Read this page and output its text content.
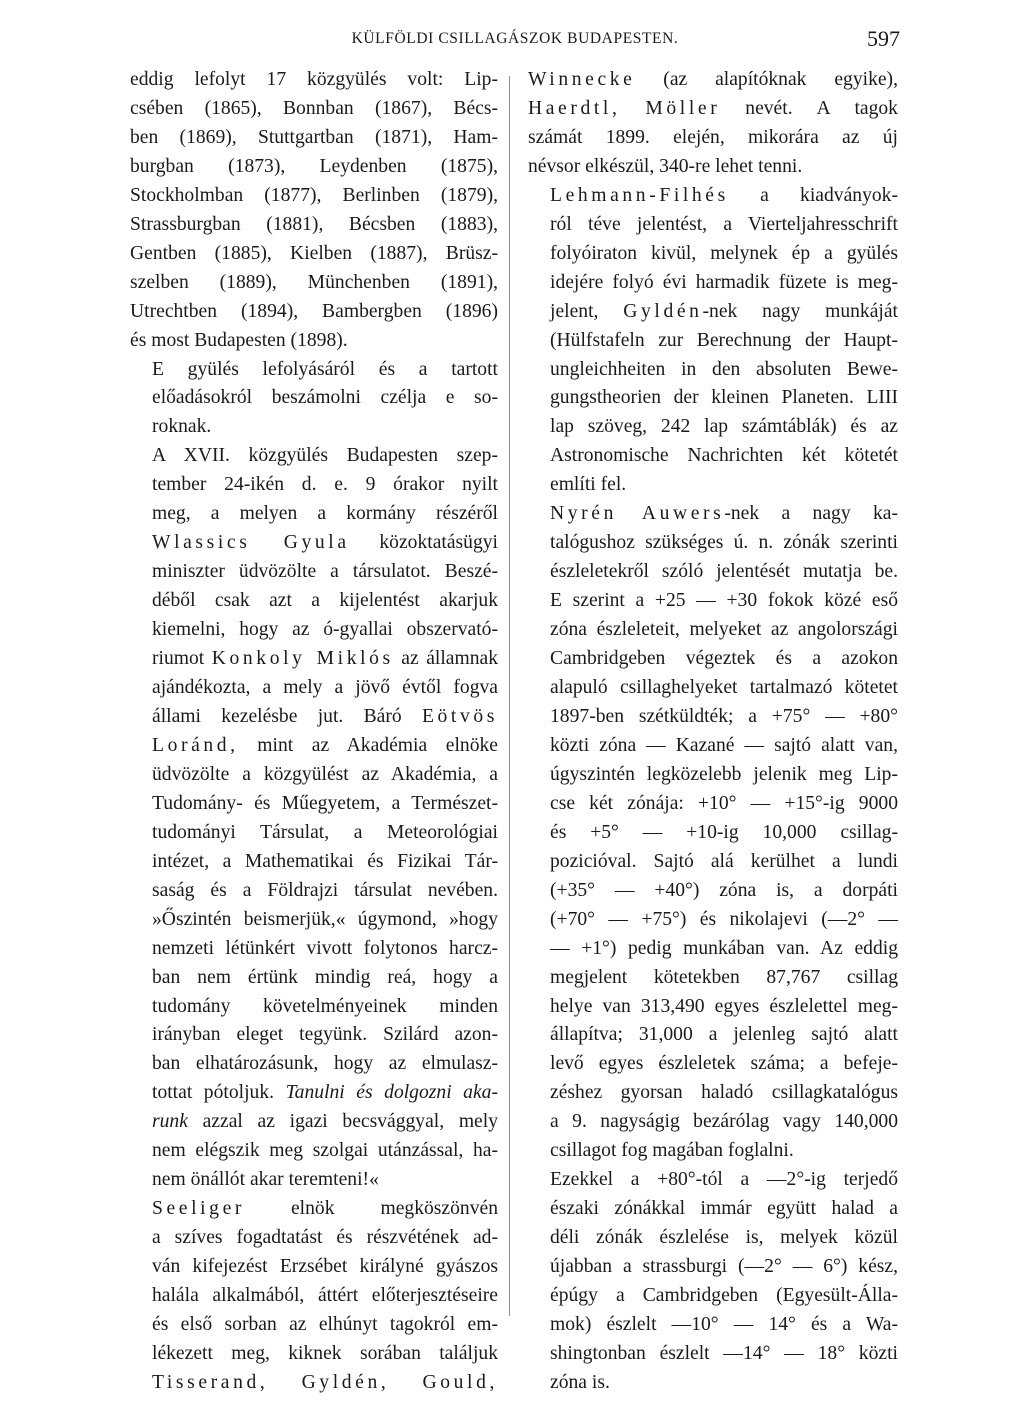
KÜLFÖLDI CSILLAGÁSZOK BUDAPESTEN.	597

eddig lefolyt 17 közgyülés volt: Lip-
csében (1865), Bonnban (1867), Bécs-
ben (1869), Stuttgartban (1871), Ham-
burgban (1873), Leydenben (1875),
Stockholmban (1877), Berlinben (1879),
Strassburgban (1881), Bécsben (1883),
Gentben (1885), Kielben (1887), Brüsz-
szelben (1889), Münchenben (1891),
Utrechtben (1894), Bambergben (1896)
és most Budapesten (1898).

E gyülés lefolyásáról és a tartott
előadásokról beszámolni czélja e so-
roknak.

A XVII. közgyülés Budapesten szep-
tember 24-ikén d. e. 9 órakor nyilt
meg, a melyen a kormány részéről
Wlassics Gyula közoktatásügyi
miniszter üdvözölte a társulatot. Beszé-
déből csak azt a kijelentést akarjuk
kiemelni, hogy az ó-gyallai obszervató-
riumot Konkoly Miklós az államnak
ajándékozta, a mely a jövő évtől fogva
állami kezelésbe jut. Báró Eötvös
Loránd, mint az Akadémia elnöke
üdvözölte a közgyülést az Akadémia, a
Tudomány- és Műegyetem, a Természet-
tudományi Társulat, a Meteorológiai
intézet, a Mathematikai és Fizikai Tár-
saság és a Földrajzi társulat nevében.
»Őszintén beismerjük,« úgymond, »hogy
nemzeti létünkért vivott folytonos harcz-
ban nem értünk mindig reá, hogy a
tudomány követelményeinek minden
irányban eleget tegyünk. Szilárd azon-
ban elhatározásunk, hogy az elmulasz-
tottat pótoljuk. Tanulni és dolgozni aka-
runk azzal az igazi becsvággyal, mely
nem elégszik meg szolgai utánzással, ha-
nem önállót akar teremteni!«

Seeliger elnök megköszönvén
a szíves fogadtatást és részvétének ad-
ván kifejezést Erzsébet királyné gyászos
halála alkalmából, áttért előterjesztéseire
és első sorban az elhúnyt tagokról em-
lékezett meg, kiknek sorában találjuk
Tisserand, Gyldén, Gould,

Winnecke (az alapítóknak egyike),
Haerdtl, Möller nevét. A tagok
számát 1899. elején, mikorára az új
névsor elkészül, 340-re lehet tenni.

Lehmann-Filhés a kiadványok-
ról téve jelentést, a Vierteljahresschrift
folyóiraton kivül, melynek ép a gyülés
idejére folyó évi harmadik füzete is meg-
jelent, Gyldén-nek nagy munkáját
(Hülfstafeln zur Berechnung der Haupt-
ungleichheiten in den absoluten Bewe-
gungstheorien der kleinen Planeten. LIII
lap szöveg, 242 lap számtáblák) és az
Astronomische Nachrichten két kötetét
említi fel.

Nyrén Auwers-nek a nagy ka-
talógushoz szükséges ú. n. zónák szerinti
észleletekről szóló jelentését mutatja be.
E szerint a +25 — +30 fokok közé eső
zóna észleleteit, melyeket az angolországi
Cambridgeben végeztek és a azokon
alapuló csillaghelyeket tartalmazó kötetet
1897-ben szétküldték; a +75° — +80°
közti zóna — Kazané — sajtó alatt van,
úgyszintén legközelebb jelenik meg Lip-
cse két zónája: +10° — +15°-ig 9000
és +5° — +10-ig 10,000 csillag-
pozicióval. Sajtó alá kerülhet a lundi
(+35° — +40°) zóna is, a dorpáti
(+70° — +75°) és nikolajevi (—2° —
— +1°) pedig munkában van. Az eddig
megjelent kötetekben 87,767 csillag
helye van 313,490 egyes észlelettel meg-
állapítva; 31,000 a jelenleg sajtó alatt
levő egyes észleletek száma; a befeje-
zéshez gyorsan haladó csillagkatalógus
a 9. nagyságig bezárólag vagy 140,000
csillagot fog magában foglalni.

Ezekkel a +80°-tól a —2°-ig terjedő
északi zónákkal immár együtt halad a
déli zónák észlelése is, melyek közül
újabban a strassburgi (—2° — 6°) kész,
épúgy a Cambridgeben (Egyesült-Álla-
mok) észlelt —10° — 14° és a Wa-
shingtonban észlelt —14° — 18° közti
zóna is.
